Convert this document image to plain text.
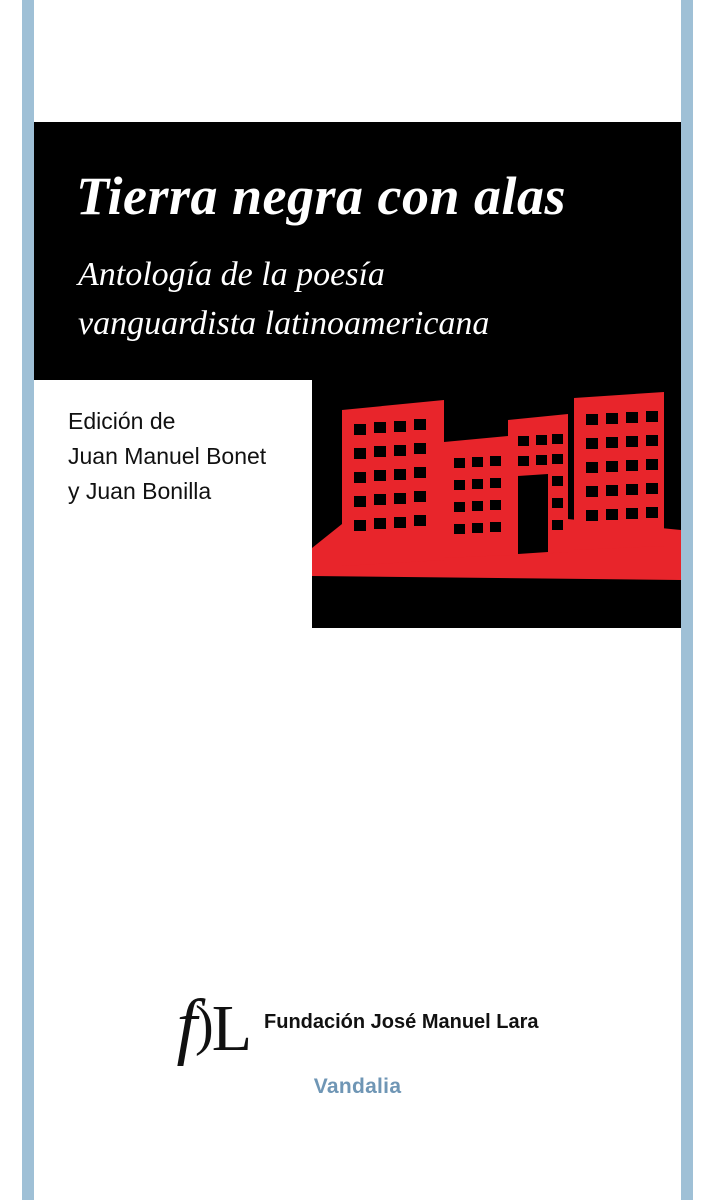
Tierra negra con alas

Antología de la poesía
vanguardista latinoamericana

Edición de
Juan Manuel Bonet
y Juan Bonilla
f)L Fundación José Manuel Lara
Vandalia
